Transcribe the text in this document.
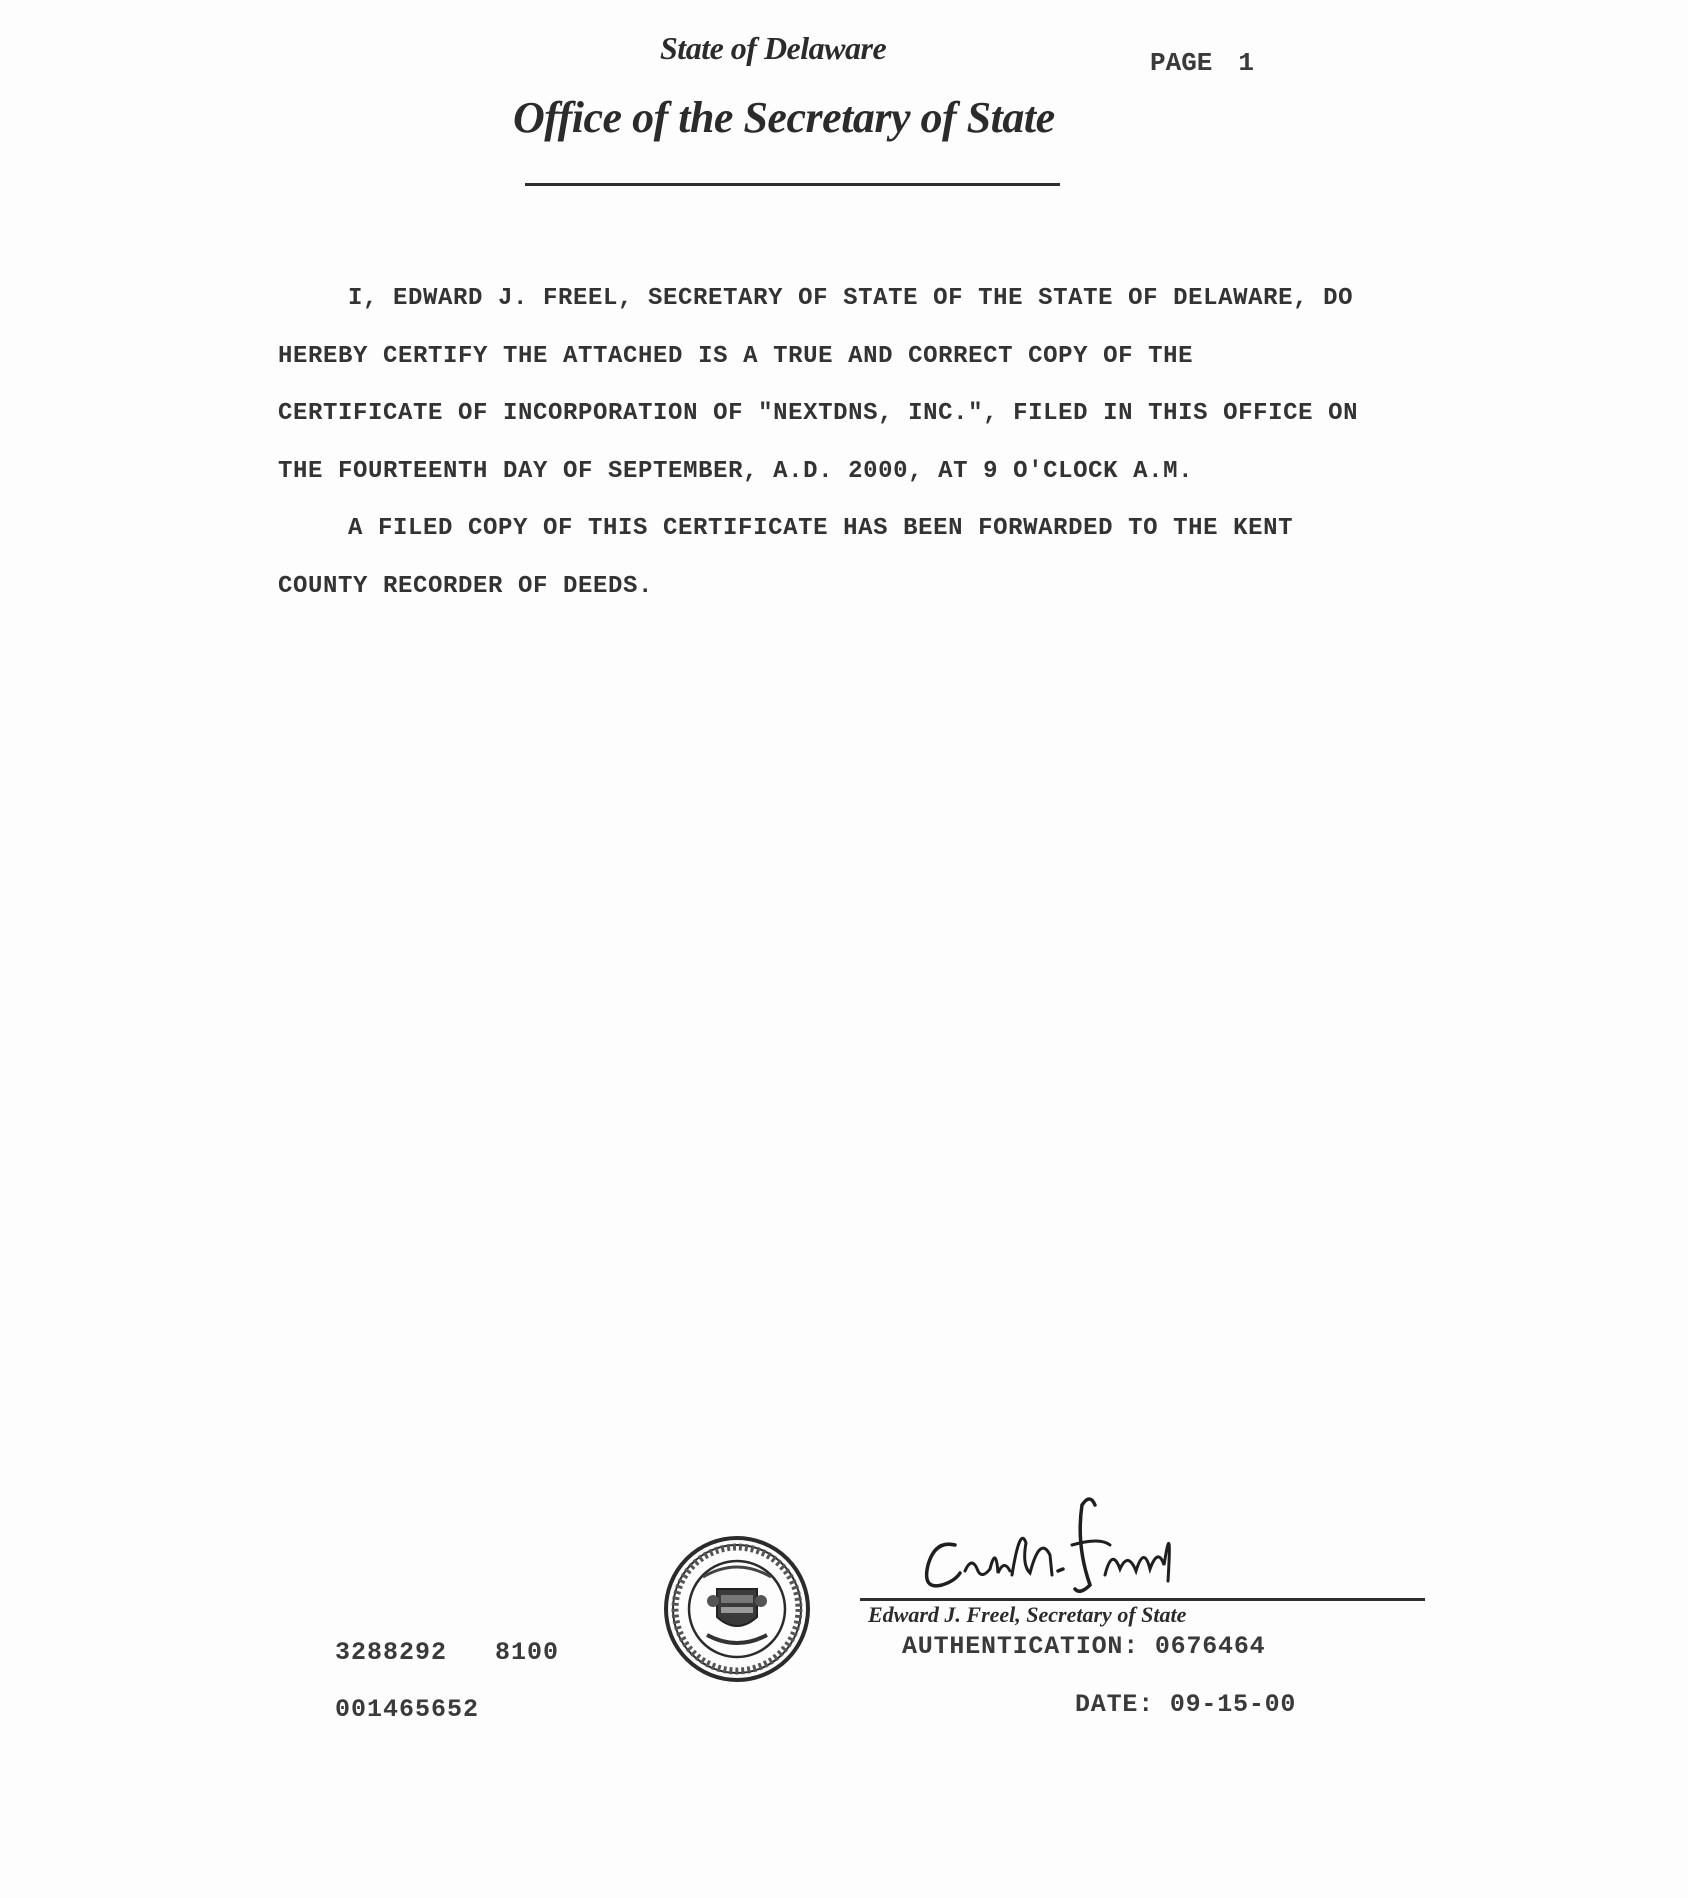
State of Delaware
Office of the Secretary of State
PAGE 1

I, EDWARD J. FREEL, SECRETARY OF STATE OF THE STATE OF DELAWARE, DO HEREBY CERTIFY THE ATTACHED IS A TRUE AND CORRECT COPY OF THE CERTIFICATE OF INCORPORATION OF "NEXTDNS, INC.", FILED IN THIS OFFICE ON THE FOURTEENTH DAY OF SEPTEMBER, A.D. 2000, AT 9 O'CLOCK A.M.

A FILED COPY OF THIS CERTIFICATE HAS BEEN FORWARDED TO THE KENT COUNTY RECORDER OF DEEDS.

3288292 8100
001465652
Edward J. Freel, Secretary of State
AUTHENTICATION: 0676464
DATE: 09-15-00
